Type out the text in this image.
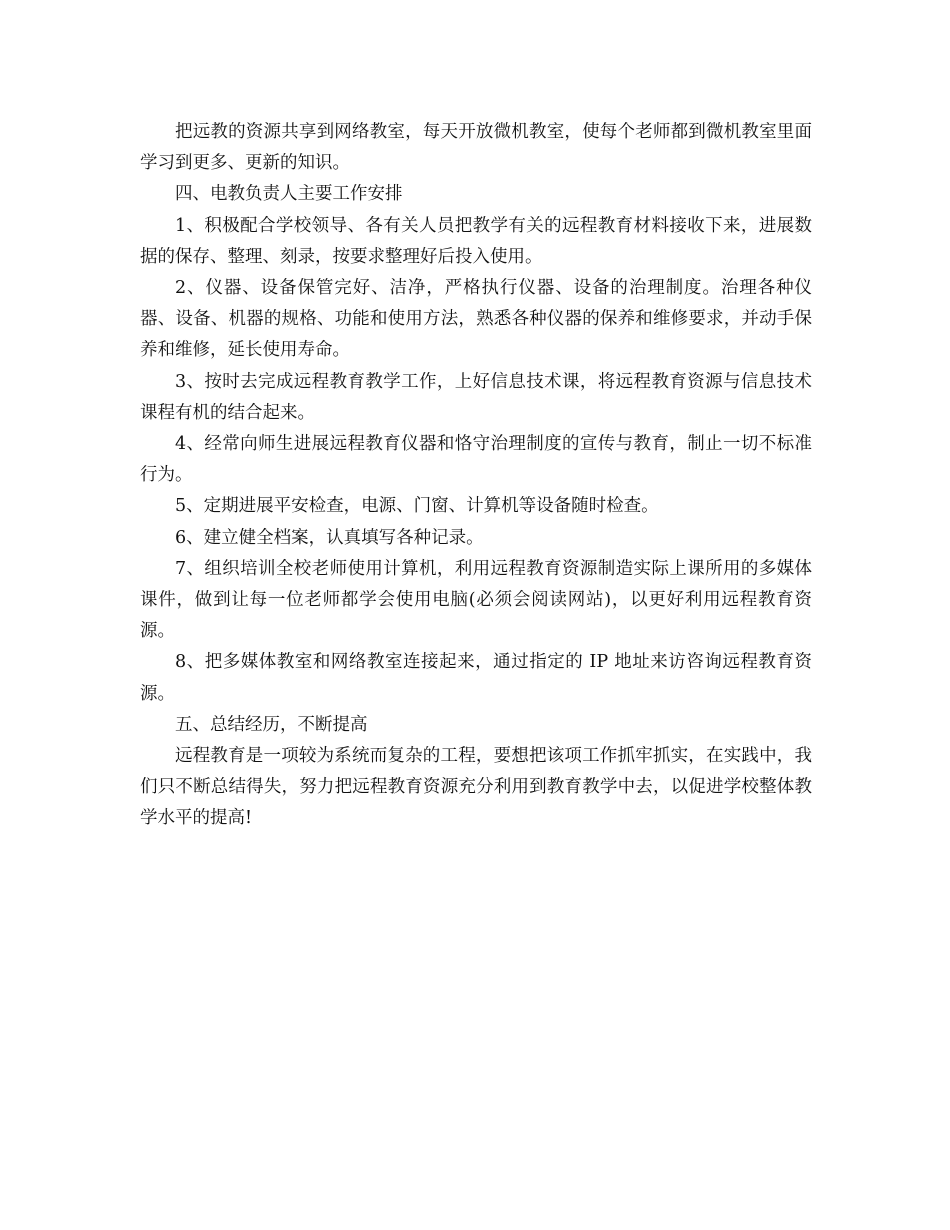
把远教的资源共享到网络教室，每天开放微机教室，使每个老师都到微机教室里面学习到更多、更新的知识。

四、电教负责人主要工作安排

1、积极配合学校领导、各有关人员把教学有关的远程教育材料接收下来，进展数据的保存、整理、刻录，按要求整理好后投入使用。

2、仪器、设备保管完好、洁净，严格执行仪器、设备的治理制度。治理各种仪器、设备、机器的规格、功能和使用方法，熟悉各种仪器的保养和维修要求，并动手保养和维修，延长使用寿命。

3、按时去完成远程教育教学工作，上好信息技术课，将远程教育资源与信息技术课程有机的结合起来。

4、经常向师生进展远程教育仪器和恪守治理制度的宣传与教育，制止一切不标准行为。

5、定期进展平安检查，电源、门窗、计算机等设备随时检查。

6、建立健全档案，认真填写各种记录。

7、组织培训全校老师使用计算机，利用远程教育资源制造实际上课所用的多媒体课件，做到让每一位老师都学会使用电脑(必须会阅读网站)，以更好利用远程教育资源。

8、把多媒体教室和网络教室连接起来，通过指定的 IP 地址来访咨询远程教育资源。

五、总结经历，不断提高

远程教育是一项较为系统而复杂的工程，要想把该项工作抓牢抓实，在实践中，我们只不断总结得失，努力把远程教育资源充分利用到教育教学中去，以促进学校整体教学水平的提高!
